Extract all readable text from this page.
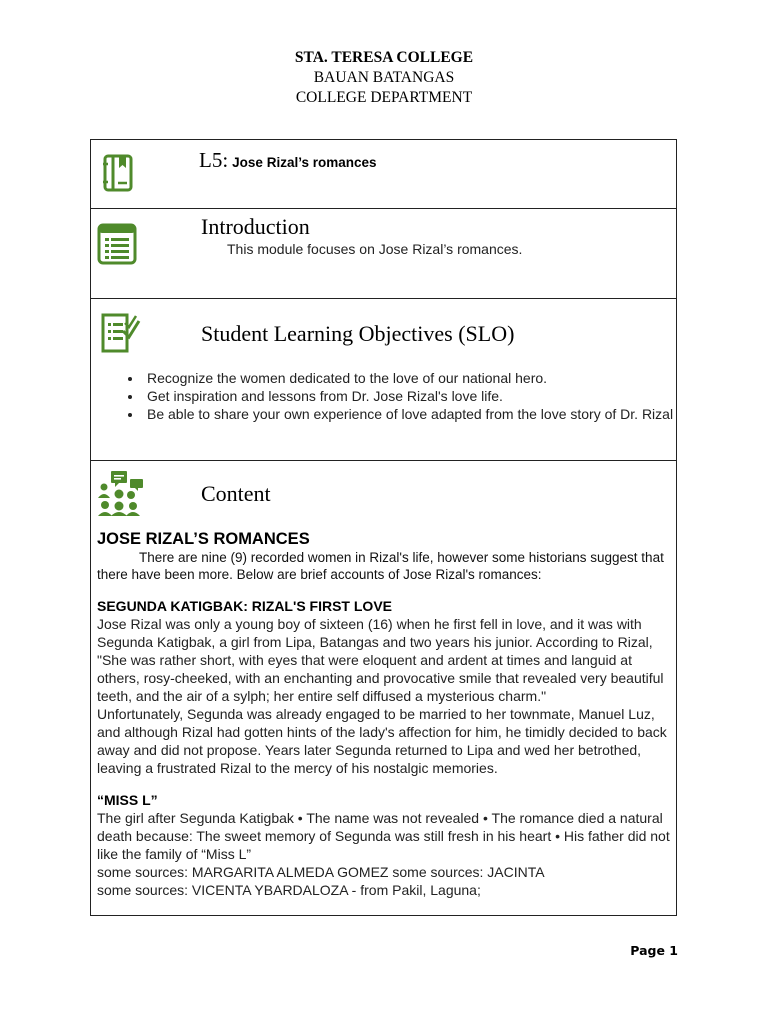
STA. TERESA COLLEGE
BAUAN BATANGAS
COLLEGE DEPARTMENT
L5: Jose Rizal’s romances
Introduction
This module focuses on Jose Rizal’s romances.
Student Learning Objectives (SLO)
• Recognize the women dedicated to the love of our national hero.
• Get inspiration and lessons from Dr. Jose Rizal's love life.
• Be able to share your own experience of love adapted from the love story of Dr. Rizal
Content
JOSE RIZAL’S ROMANCES

There are nine (9) recorded women in Rizal's life, however some historians suggest that there have been more. Below are brief accounts of Jose Rizal's romances:

SEGUNDA KATIGBAK: RIZAL'S FIRST LOVE

Jose Rizal was only a young boy of sixteen (16) when he first fell in love, and it was with Segunda Katigbak, a girl from Lipa, Batangas and two years his junior. According to Rizal, "She was rather short, with eyes that were eloquent and ardent at times and languid at others, rosy-cheeked, with an enchanting and provocative smile that revealed very beautiful teeth, and the air of a sylph; her entire self diffused a mysterious charm."

Unfortunately, Segunda was already engaged to be married to her townmate, Manuel Luz, and although Rizal had gotten hints of the lady's affection for him, he timidly decided to back away and did not propose. Years later Segunda returned to Lipa and wed her betrothed, leaving a frustrated Rizal to the mercy of his nostalgic memories.

“MISS L”

The girl after Segunda Katigbak • The name was not revealed • The romance died a natural death because: The sweet memory of Segunda was still fresh in his heart • His father did not like the family of “Miss L”

some sources: MARGARITA ALMEDA GOMEZ some sources: JACINTA

some sources: VICENTA YBARDALOZA - from Pakil, Laguna;

Page 1
